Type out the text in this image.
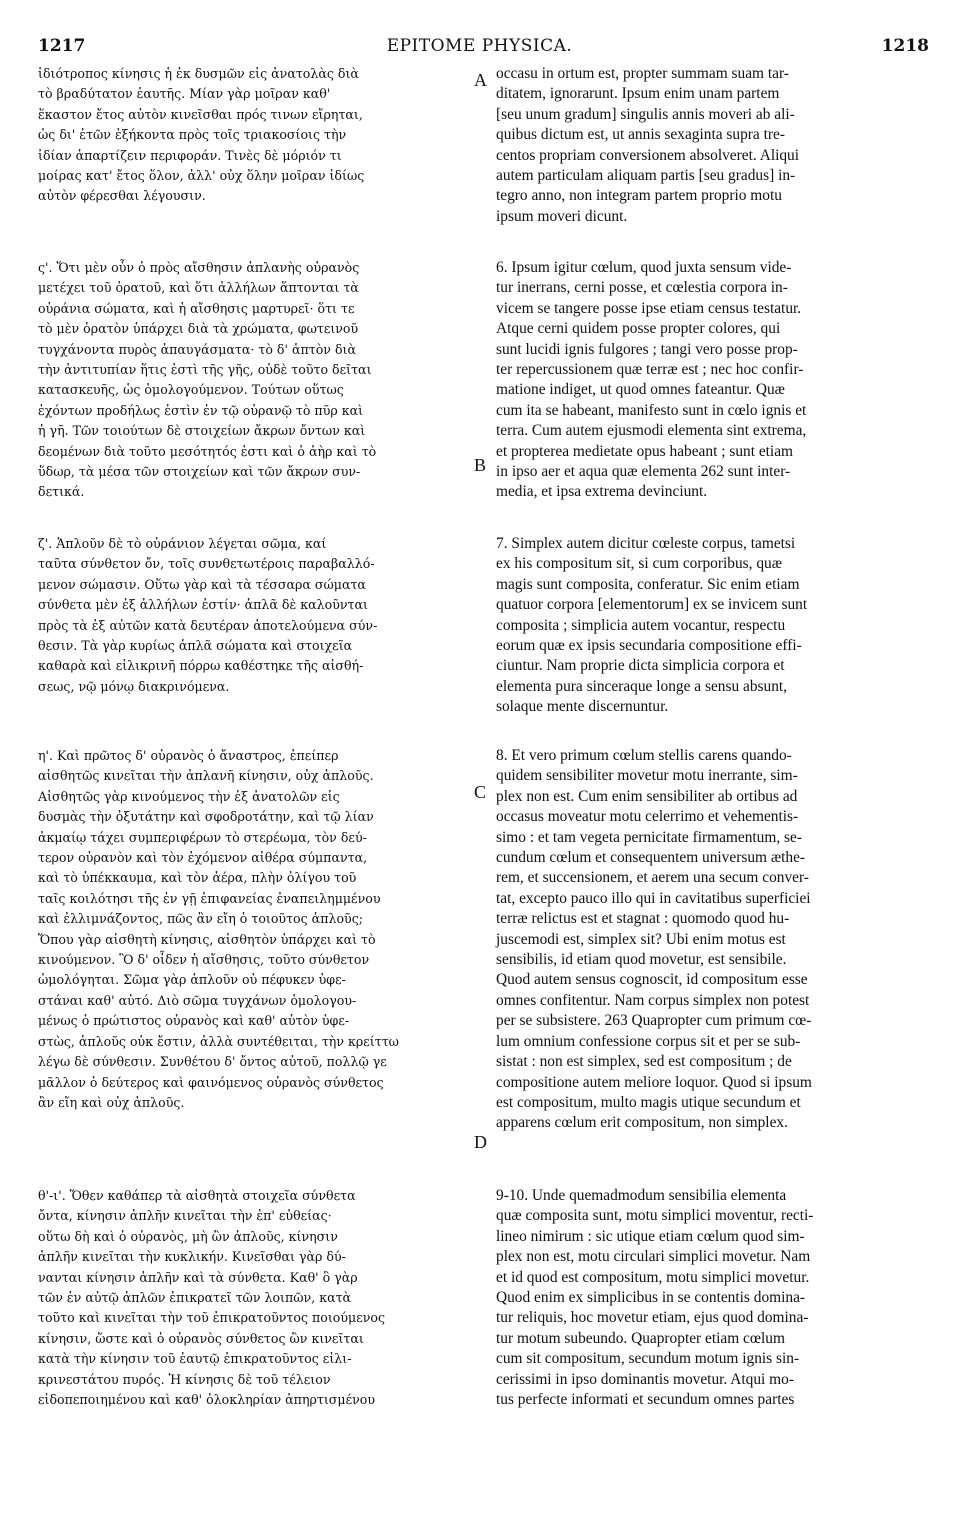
1217	EPITOME PHYSICA.	1218

ἰδιότροπος κίνησις ἡ ἐκ δυσμῶν εἰς ἀνατολὰς διὰ
τὸ βραδύτατον ἑαυτῆς. Μίαν γὰρ μοῖραν καθ'
ἕκαστον ἔτος αὐτὸν κινεῖσθαι πρός τινων εἴρηται,
ὡς δι' ἐτῶν ἑξήκοντα πρὸς τοῖς τριακοσίοις τὴν
ἰδίαν ἀπαρτίζειν περιφοράν. Τινὲς δὲ μόριόν τι
μοίρας κατ' ἔτος ὅλον, ἀλλ' οὐχ ὅλην μοῖραν ἰδίως
αὐτὸν φέρεσθαι λέγουσιν.

ς'. Ὅτι μὲν οὖν ὁ πρὸς αἴσθησιν ἀπλανὴς οὐρανὸς
μετέχει τοῦ ὁρατοῦ, καὶ ὅτι ἀλλήλων ἅπτονται τὰ
οὐράνια σώματα, καὶ ἡ αἴσθησις μαρτυρεῖ· ὅτι τε
τὸ μὲν ὁρατὸν ὑπάρχει διὰ τὰ χρώματα, φωτεινοῦ
τυγχάνοντα πυρὸς ἀπαυγάσματα· τὸ δ' ἁπτὸν διὰ
τὴν ἀντιτυπίαν ἥτις ἐστὶ τῆς γῆς, οὐδὲ τοῦτο δεῖται
κατασκευῆς, ὡς ὁμολογούμενον. Τούτων οὕτως
ἐχόντων προδήλως ἐστὶν ἐν τῷ οὐρανῷ τὸ πῦρ καὶ
ἡ γῆ. Τῶν τοιούτων δὲ στοιχείων ἄκρων ὄντων καὶ
δεομένων διὰ τοῦτο μεσότητός ἐστι καὶ ὁ ἀὴρ καὶ τὸ
ὕδωρ, τὰ μέσα τῶν στοιχείων καὶ τῶν ἄκρων συν-
δετικά.

ζ'. Ἁπλοῦν δὲ τὸ οὐράνιον λέγεται σῶμα, καί
ταῦτα σύνθετον ὄν, τοῖς συνθετωτέροις παραβαλλό-
μενον σώμασιν. Οὕτω γὰρ καὶ τὰ τέσσαρα σώματα
σύνθετα μὲν ἐξ ἀλλήλων ἐστίν· ἁπλᾶ δὲ καλοῦνται
πρὸς τὰ ἐξ αὐτῶν κατὰ δευτέραν ἀποτελούμενα σύν-
θεσιν. Τὰ γὰρ κυρίως ἁπλᾶ σώματα καὶ στοιχεῖα
καθαρὰ καὶ εἰλικρινῆ πόρρω καθέστηκε τῆς αἰσθή-
σεως, νῷ μόνῳ διακρινόμενα.

η'. Καὶ πρῶτος δ' οὐρανὸς ὁ ἄναστρος, ἐπείπερ
αἰσθητῶς κινεῖται τὴν ἀπλανῆ κίνησιν, οὐχ ἁπλοῦς.
Αἰσθητῶς γὰρ κινούμενος τὴν ἐξ ἀνατολῶν εἰς
δυσμὰς τὴν ὀξυτάτην καὶ σφοδροτάτην, καὶ τῷ λίαν
ἀκμαίῳ τάχει συμπεριφέρων τὸ στερέωμα, τὸν δεύ-
τερον οὐρανὸν καὶ τὸν ἐχόμενον αἰθέρα σύμπαντα,
καὶ τὸ ὑπέκκαυμα, καὶ τὸν ἀέρα, πλὴν ὀλίγου τοῦ
ταῖς κοιλότησι τῆς ἐν γῇ ἐπιφανείας ἐναπειλημμένου
καὶ ἐλλιμνάζοντος, πῶς ἂν εἴη ὁ τοιοῦτος ἁπλοῦς;
Ὅπου γὰρ αἰσθητὴ κίνησις, αἰσθητὸν ὑπάρχει καὶ τὸ
κινούμενον. Ὃ δ' οἶδεν ἡ αἴσθησις, τοῦτο σύνθετον
ὡμολόγηται. Σῶμα γὰρ ἁπλοῦν οὐ πέφυκεν ὑφε-
στάναι καθ' αὑτό. Διὸ σῶμα τυγχάνων ὁμολογου-
μένως ὁ πρώτιστος οὐρανὸς καὶ καθ' αὑτὸν ὑφε-
στὼς, ἁπλοῦς οὐκ ἔστιν, ἀλλὰ συντέθειται, τὴν κρείττω
λέγω δὲ σύνθεσιν. Συνθέτου δ' ὄντος αὐτοῦ, πολλῷ γε
μᾶλλον ὁ δεύτερος καὶ φαινόμενος οὐρανὸς σύνθετος
ἂν εἴη καὶ οὐχ ἁπλοῦς.

θ'-ι'. Ὅθεν καθάπερ τὰ αἰσθητὰ στοιχεῖα σύνθετα
ὄντα, κίνησιν ἁπλῆν κινεῖται τὴν ἐπ' εὐθείας·
οὕτω δὴ καὶ ὁ οὐρανὸς, μὴ ὢν ἁπλοῦς, κίνησιν
ἁπλῆν κινεῖται τὴν κυκλικήν. Κινεῖσθαι γὰρ δύ-
νανται κίνησιν ἁπλῆν καὶ τὰ σύνθετα. Καθ' ὃ γὰρ
τῶν ἐν αὐτῷ ἁπλῶν ἐπικρατεῖ τῶν λοιπῶν, κατὰ
τοῦτο καὶ κινεῖται τὴν τοῦ ἐπικρατοῦντος ποιούμενος
κίνησιν, ὥστε καὶ ὁ οὐρανὸς σύνθετος ὢν κινεῖται
κατὰ τὴν κίνησιν τοῦ ἑαυτῷ ἐπικρατοῦντος εἰλι-
κρινεστάτου πυρός. Ἡ κίνησις δὲ τοῦ τέλειον
εἰδοπεποιημένου καὶ καθ' ὁλοκληρίαν ἀπηρτισμένου

A
B
C
D

occasu in ortum est, propter summam suam tar-
ditatem, ignorarunt. Ipsum enim unam partem
[seu unum gradum] singulis annis moveri ab ali-
quibus dictum est, ut annis sexaginta supra tre-
centos propriam conversionem absolveret. Aliqui
autem particulam aliquam partis [seu gradus] in-
tegro anno, non integram partem proprio motu
ipsum moveri dicunt.

6. Ipsum igitur cœlum, quod juxta sensum vide-
tur inerrans, cerni posse, et cœlestia corpora in-
vicem se tangere posse ipse etiam census testatur.
Atque cerni quidem posse propter colores, qui
sunt lucidi ignis fulgores ; tangi vero posse prop-
ter repercussionem quæ terræ est ; nec hoc confir-
matione indiget, ut quod omnes fateantur. Quæ
cum ita se habeant, manifesto sunt in cœlo ignis et
terra. Cum autem ejusmodi elementa sint extrema,
et propterea medietate opus habeant ; sunt etiam
in ipso aer et aqua quæ elementa 262 sunt inter-
media, et ipsa extrema devinciunt.

7. Simplex autem dicitur cœleste corpus, tametsi
ex his compositum sit, si cum corporibus, quæ
magis sunt composita, conferatur. Sic enim etiam
quatuor corpora [elementorum] ex se invicem sunt
composita ; simplicia autem vocantur, respectu
eorum quæ ex ipsis secundaria compositione effi-
ciuntur. Nam proprie dicta simplicia corpora et
elementa pura sinceraque longe a sensu absunt,
solaque mente discernuntur.

8. Et vero primum cœlum stellis carens quando-
quidem sensibiliter movetur motu inerrante, sim-
plex non est. Cum enim sensibiliter ab ortibus ad
occasus moveatur motu celerrimo et vehementis-
simo : et tam vegeta pernicitate firmamentum, se-
cundum cœlum et consequentem universum æthe-
rem, et succensionem, et aerem una secum conver-
tat, excepto pauco illo qui in cavitatibus superficiei
terræ relictus est et stagnat : quomodo quod hu-
juscemodi est, simplex sit? Ubi enim motus est
sensibilis, id etiam quod movetur, est sensibile.
Quod autem sensus cognoscit, id compositum esse
omnes confitentur. Nam corpus simplex non potest
per se subsistere. 263 Quapropter cum primum cœ-
lum omnium confessione corpus sit et per se sub-
sistat : non est simplex, sed est compositum ; de
compositione autem meliore loquor. Quod si ipsum
est compositum, multo magis utique secundum et
apparens cœlum erit compositum, non simplex.

9-10. Unde quemadmodum sensibilia elementa
quæ composita sunt, motu simplici moventur, recti-
lineo nimirum : sic utique etiam cœlum quod sim-
plex non est, motu circulari simplici movetur. Nam
et id quod est compositum, motu simplici movetur.
Quod enim ex simplicibus in se contentis domina-
tur reliquis, hoc movetur etiam, ejus quod domina-
tur motum subeundo. Quapropter etiam cœlum
cum sit compositum, secundum motum ignis sin-
cerissimi in ipso dominantis movetur. Atqui mo-
tus perfecte informati et secundum omnes partes
